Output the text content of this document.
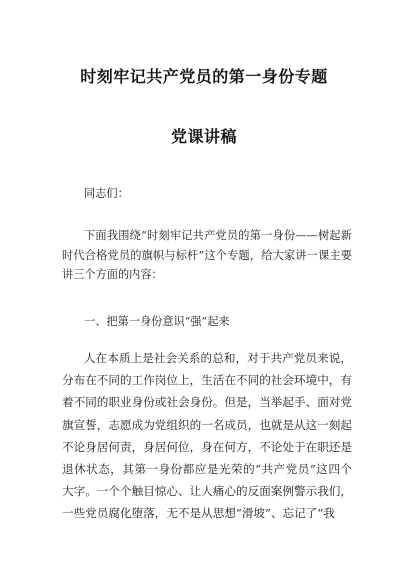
时刻牢记共产党员的第一身份专题
党课讲稿

同志们：

下面我围绕“时刻牢记共产党员的第一身份——树起新时代合格党员的旗帜与标杆”这个专题，给大家讲一课主要讲三个方面的内容：

一、把第一身份意识“强”起来

人在本质上是社会关系的总和，对于共产党员来说，分布在不同的工作岗位上，生活在不同的社会环境中，有着不同的职业身份或社会身份。但是，当举起手、面对党旗宣誓，志愿成为党组织的一名成员，也就是从这一刻起不论身居何责，身居何位，身在何方，不论处于在职还是退休状态，其第一身份都应是光荣的“共产党员”这四个大字。一个个触目惊心、让人痛心的反面案例警示我们，一些党员腐化堕落，无不是从思想“滑坡”、忘记了“我
